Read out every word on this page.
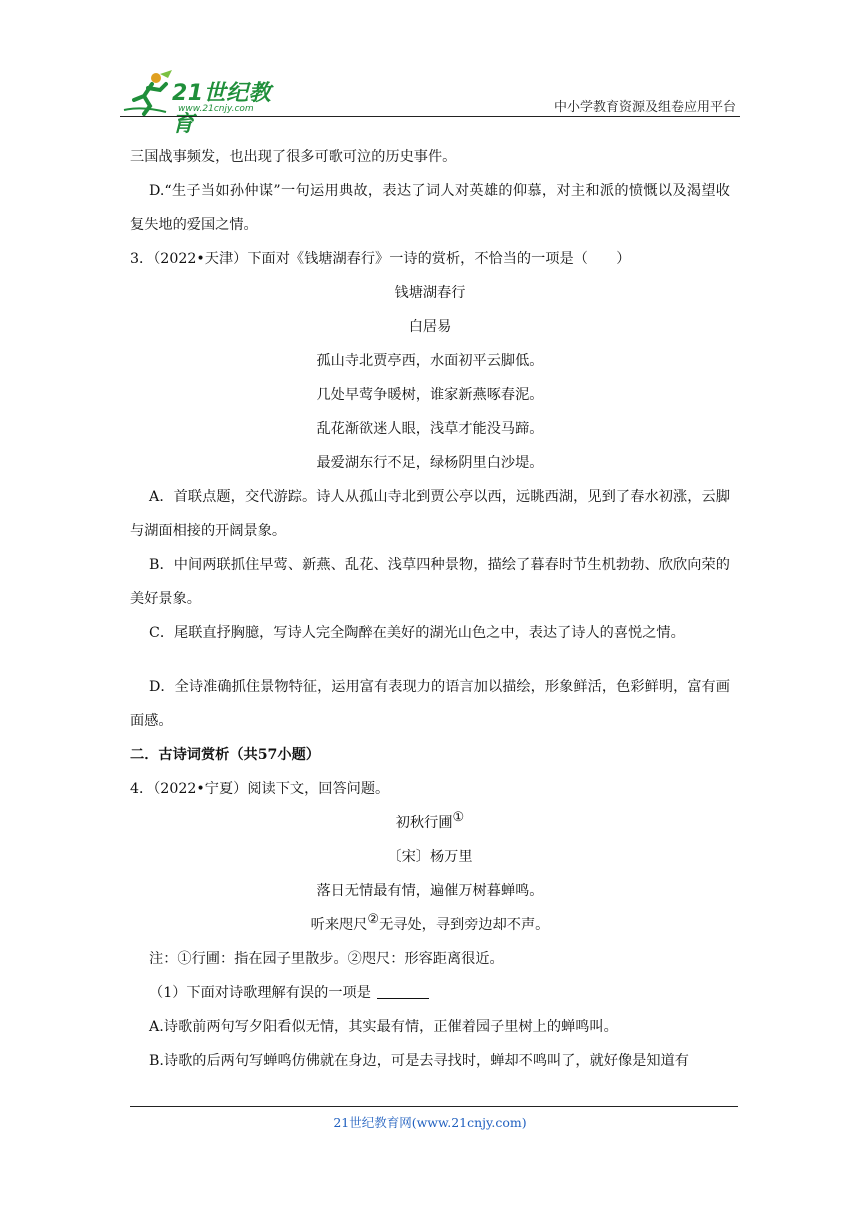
21世纪教育
www.21cnjy.com	中小学教育资源及组卷应用平台

三国战事频发，也出现了很多可歌可泣的历史事件。

D.“生子当如孙仲谋”一句运用典故，表达了词人对英雄的仰慕，对主和派的愤慨以及渴望收复失地的爱国之情。

3．（2022•天津）下面对《钱塘湖春行》一诗的赏析，不恰当的一项是（　　）

钱塘湖春行

白居易

孤山寺北贾亭西，水面初平云脚低。

几处早莺争暖树，谁家新燕啄春泥。

乱花渐欲迷人眼，浅草才能没马蹄。

最爱湖东行不足，绿杨阴里白沙堤。

A．首联点题，交代游踪。诗人从孤山寺北到贾公亭以西，远眺西湖，见到了春水初涨，云脚与湖面相接的开阔景象。

B．中间两联抓住早莺、新燕、乱花、浅草四种景物，描绘了暮春时节生机勃勃、欣欣向荣的美好景象。

C．尾联直抒胸臆，写诗人完全陶醉在美好的湖光山色之中，表达了诗人的喜悦之情。

D．全诗准确抓住景物特征，运用富有表现力的语言加以描绘，形象鲜活，色彩鲜明，富有画面感。

二．古诗词赏析（共57小题）

4．（2022•宁夏）阅读下文，回答问题。

初秋行圃①

〔宋〕杨万里

落日无情最有情，遍催万树暮蝉鸣。

听来咫尺②无寻处，寻到旁边却不声。

注：①行圃：指在园子里散步。②咫尺：形容距离很近。

（1）下面对诗歌理解有误的一项是

A.诗歌前两句写夕阳看似无情，其实最有情，正催着园子里树上的蝉鸣叫。

B.诗歌的后两句写蝉鸣仿佛就在身边，可是去寻找时，蝉却不鸣叫了，就好像是知道有

21世纪教育网(www.21cnjy.com)
